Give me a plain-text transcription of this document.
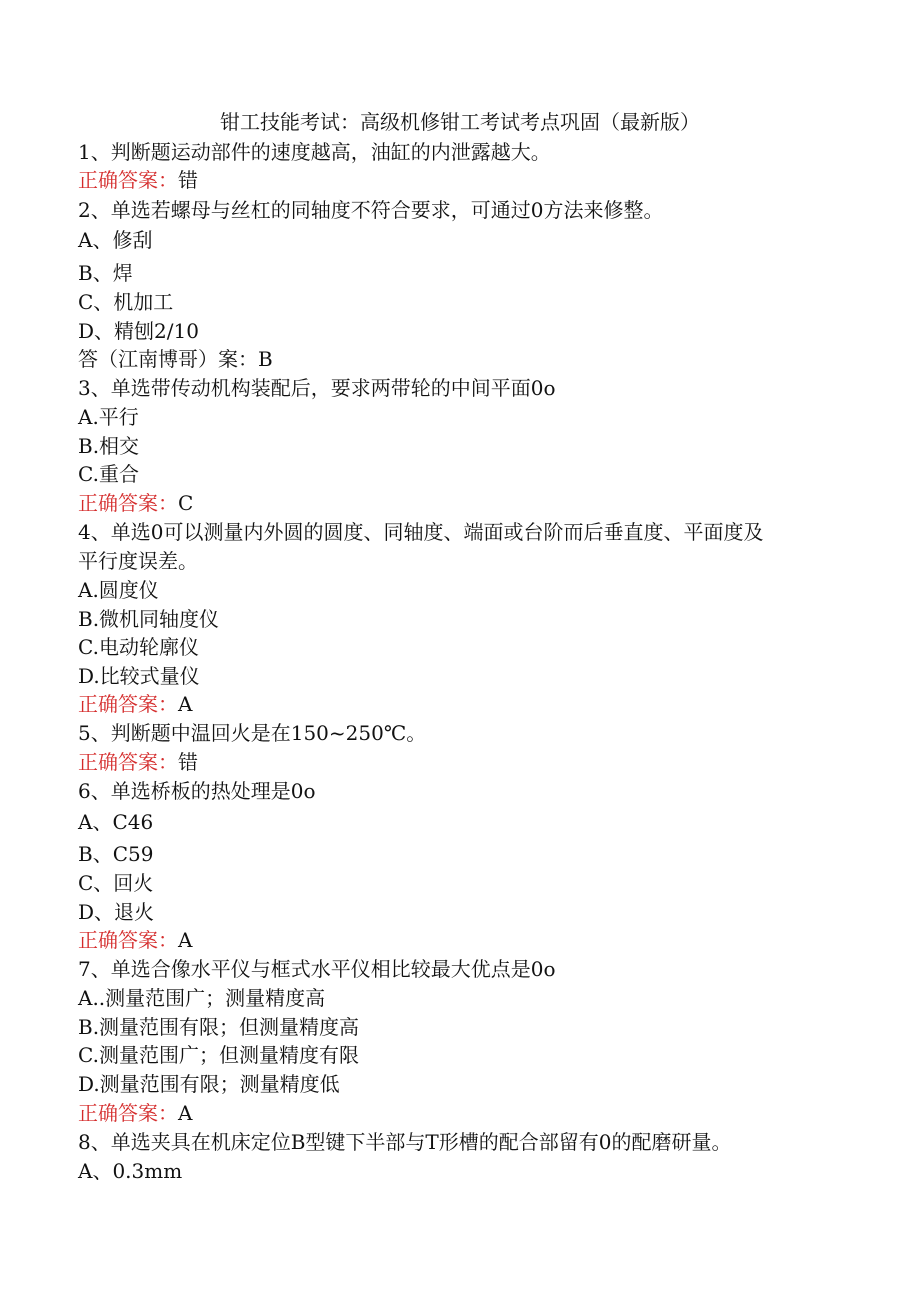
钳工技能考试：高级机修钳工考试考点巩固（最新版）
1、判断题运动部件的速度越高，油缸的内泄露越大。
正确答案：错
2、单选若螺母与丝杠的同轴度不符合要求，可通过0方法来修整。
A、修刮
B、焊
C、机加工
D、精刨2/10
答（江南博哥）案：B
3、单选带传动机构装配后，要求两带轮的中间平面0o
A.平行
B.相交
C.重合
正确答案：C
4、单选0可以测量内外圆的圆度、同轴度、端面或台阶而后垂直度、平面度及
平行度误差。
A.圆度仪
B.微机同轴度仪
C.电动轮廓仪
D.比较式量仪
正确答案：A
5、判断题中温回火是在150~250℃。
正确答案：错
6、单选桥板的热处理是0o
A、C46
B、C59
C、回火
D、退火
正确答案：A
7、单选合像水平仪与框式水平仪相比较最大优点是0o
A..测量范围广；测量精度高
B.测量范围有限；但测量精度高
C.测量范围广；但测量精度有限
D.测量范围有限；测量精度低
正确答案：A
8、单选夹具在机床定位B型键下半部与T形槽的配合部留有0的配磨研量。
A、0.3mm
